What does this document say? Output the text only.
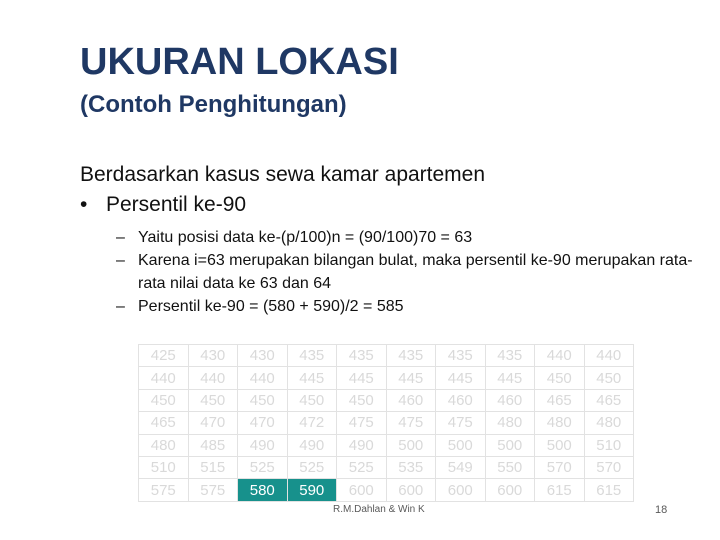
UKURAN LOKASI
(Contoh Penghitungan)

Berdasarkan kasus sewa kamar apartemen

• Persentil ke-90

– Yaitu posisi data ke-(p/100)n = (90/100)70 = 63
– Karena i=63 merupakan bilangan bulat, maka persentil ke-90 merupakan rata-rata nilai data ke 63 dan 64
– Persentil ke-90 = (580 + 590)/2 = 585
425	430	430	435	435	435	435	435	440	440
440	440	440	445	445	445	445	445	450	450
450	450	450	450	450	460	460	460	465	465
465	470	470	472	475	475	475	480	480	480
480	485	490	490	490	500	500	500	500	510
510	515	525	525	525	535	549	550	570	570
575	575	580	590	600	600	600	600	615	615
R.M.Dahlan & Win K	18
